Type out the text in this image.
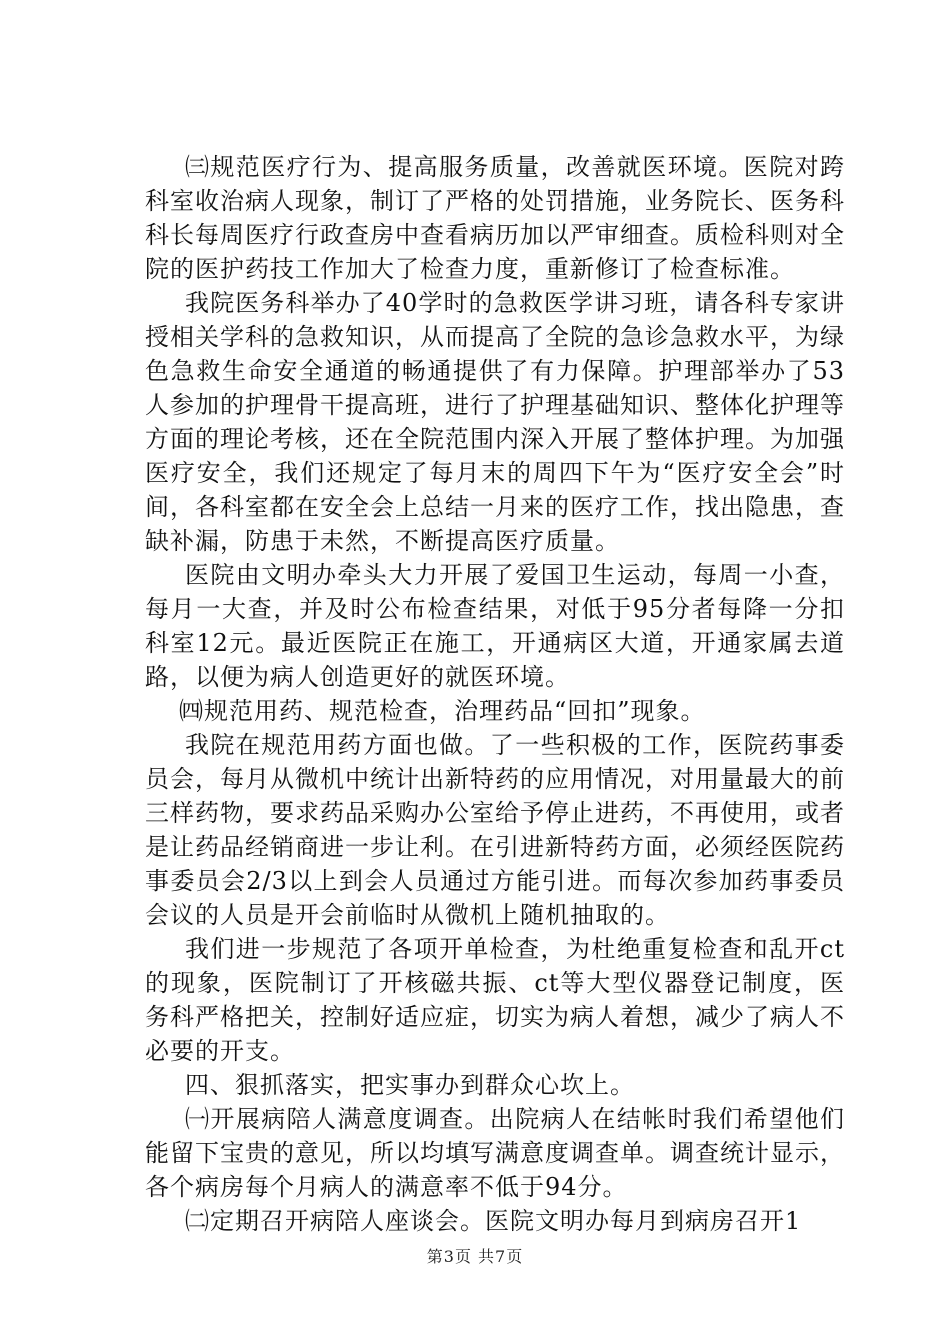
㈢规范医疗行为、提高服务质量，改善就医环境。医院对跨科室收治病人现象，制订了严格的处罚措施，业务院长、医务科科长每周医疗行政查房中查看病历加以严审细查。质检科则对全院的医护药技工作加大了检查力度，重新修订了检查标准。

我院医务科举办了40学时的急救医学讲习班，请各科专家讲授相关学科的急救知识，从而提高了全院的急诊急救水平，为绿色急救生命安全通道的畅通提供了有力保障。护理部举办了53人参加的护理骨干提高班，进行了护理基础知识、整体化护理等方面的理论考核，还在全院范围内深入开展了整体护理。为加强医疗安全，我们还规定了每月末的周四下午为“医疗安全会”时间，各科室都在安全会上总结一月来的医疗工作，找出隐患，查缺补漏，防患于未然，不断提高医疗质量。

医院由文明办牵头大力开展了爱国卫生运动，每周一小查，每月一大查，并及时公布检查结果，对低于95分者每降一分扣科室12元。最近医院正在施工，开通病区大道，开通家属去道路，以便为病人创造更好的就医环境。

㈣规范用药、规范检查，治理药品“回扣”现象。

我院在规范用药方面也做。了一些积极的工作，医院药事委员会，每月从微机中统计出新特药的应用情况，对用量最大的前三样药物，要求药品采购办公室给予停止进药，不再使用，或者是让药品经销商进一步让利。在引进新特药方面，必须经医院药事委员会2/3以上到会人员通过方能引进。而每次参加药事委员会议的人员是开会前临时从微机上随机抽取的。

我们进一步规范了各项开单检查，为杜绝重复检查和乱开ct的现象，医院制订了开核磁共振、ct等大型仪器登记制度，医务科严格把关，控制好适应症，切实为病人着想，减少了病人不必要的开支。

四、狠抓落实，把实事办到群众心坎上。

㈠开展病陪人满意度调查。出院病人在结帐时我们希望他们能留下宝贵的意见，所以均填写满意度调查单。调查统计显示，各个病房每个月病人的满意率不低于94分。

㈡定期召开病陪人座谈会。医院文明办每月到病房召开1

第3页 共7页
